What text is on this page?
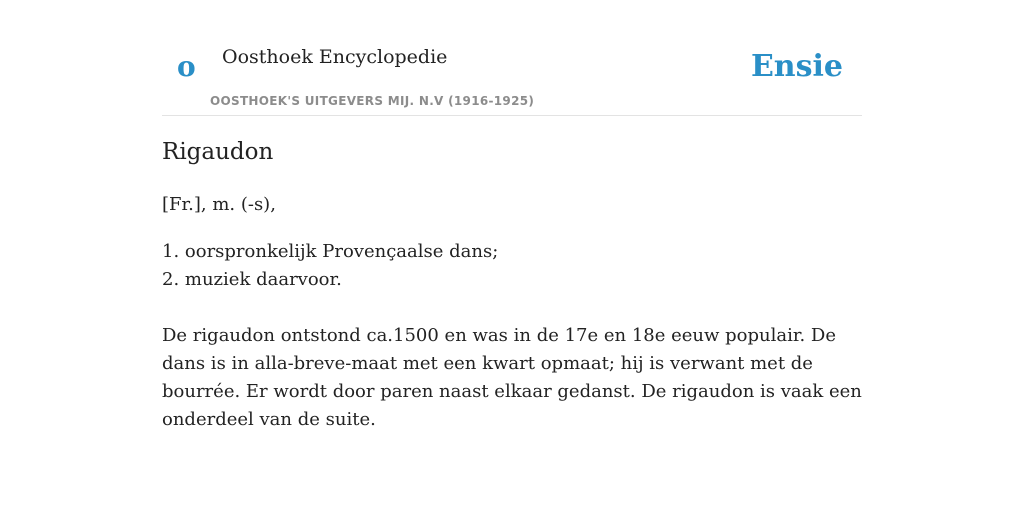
o Oosthoek Encyclopedie
OOSTHOEK'S UITGEVERS MIJ. N.V (1916-1925)
Ensie
Rigaudon
[Fr.], m. (-s),
1. oorspronkelijk Provençaalse dans;
2. muziek daarvoor.

De rigaudon ontstond ca.1500 en was in de 17e en 18e eeuw populair. De dans is in alla-breve-maat met een kwart opmaat; hij is verwant met de bourrée. Er wordt door paren naast elkaar gedanst. De rigaudon is vaak een onderdeel van de suite.
